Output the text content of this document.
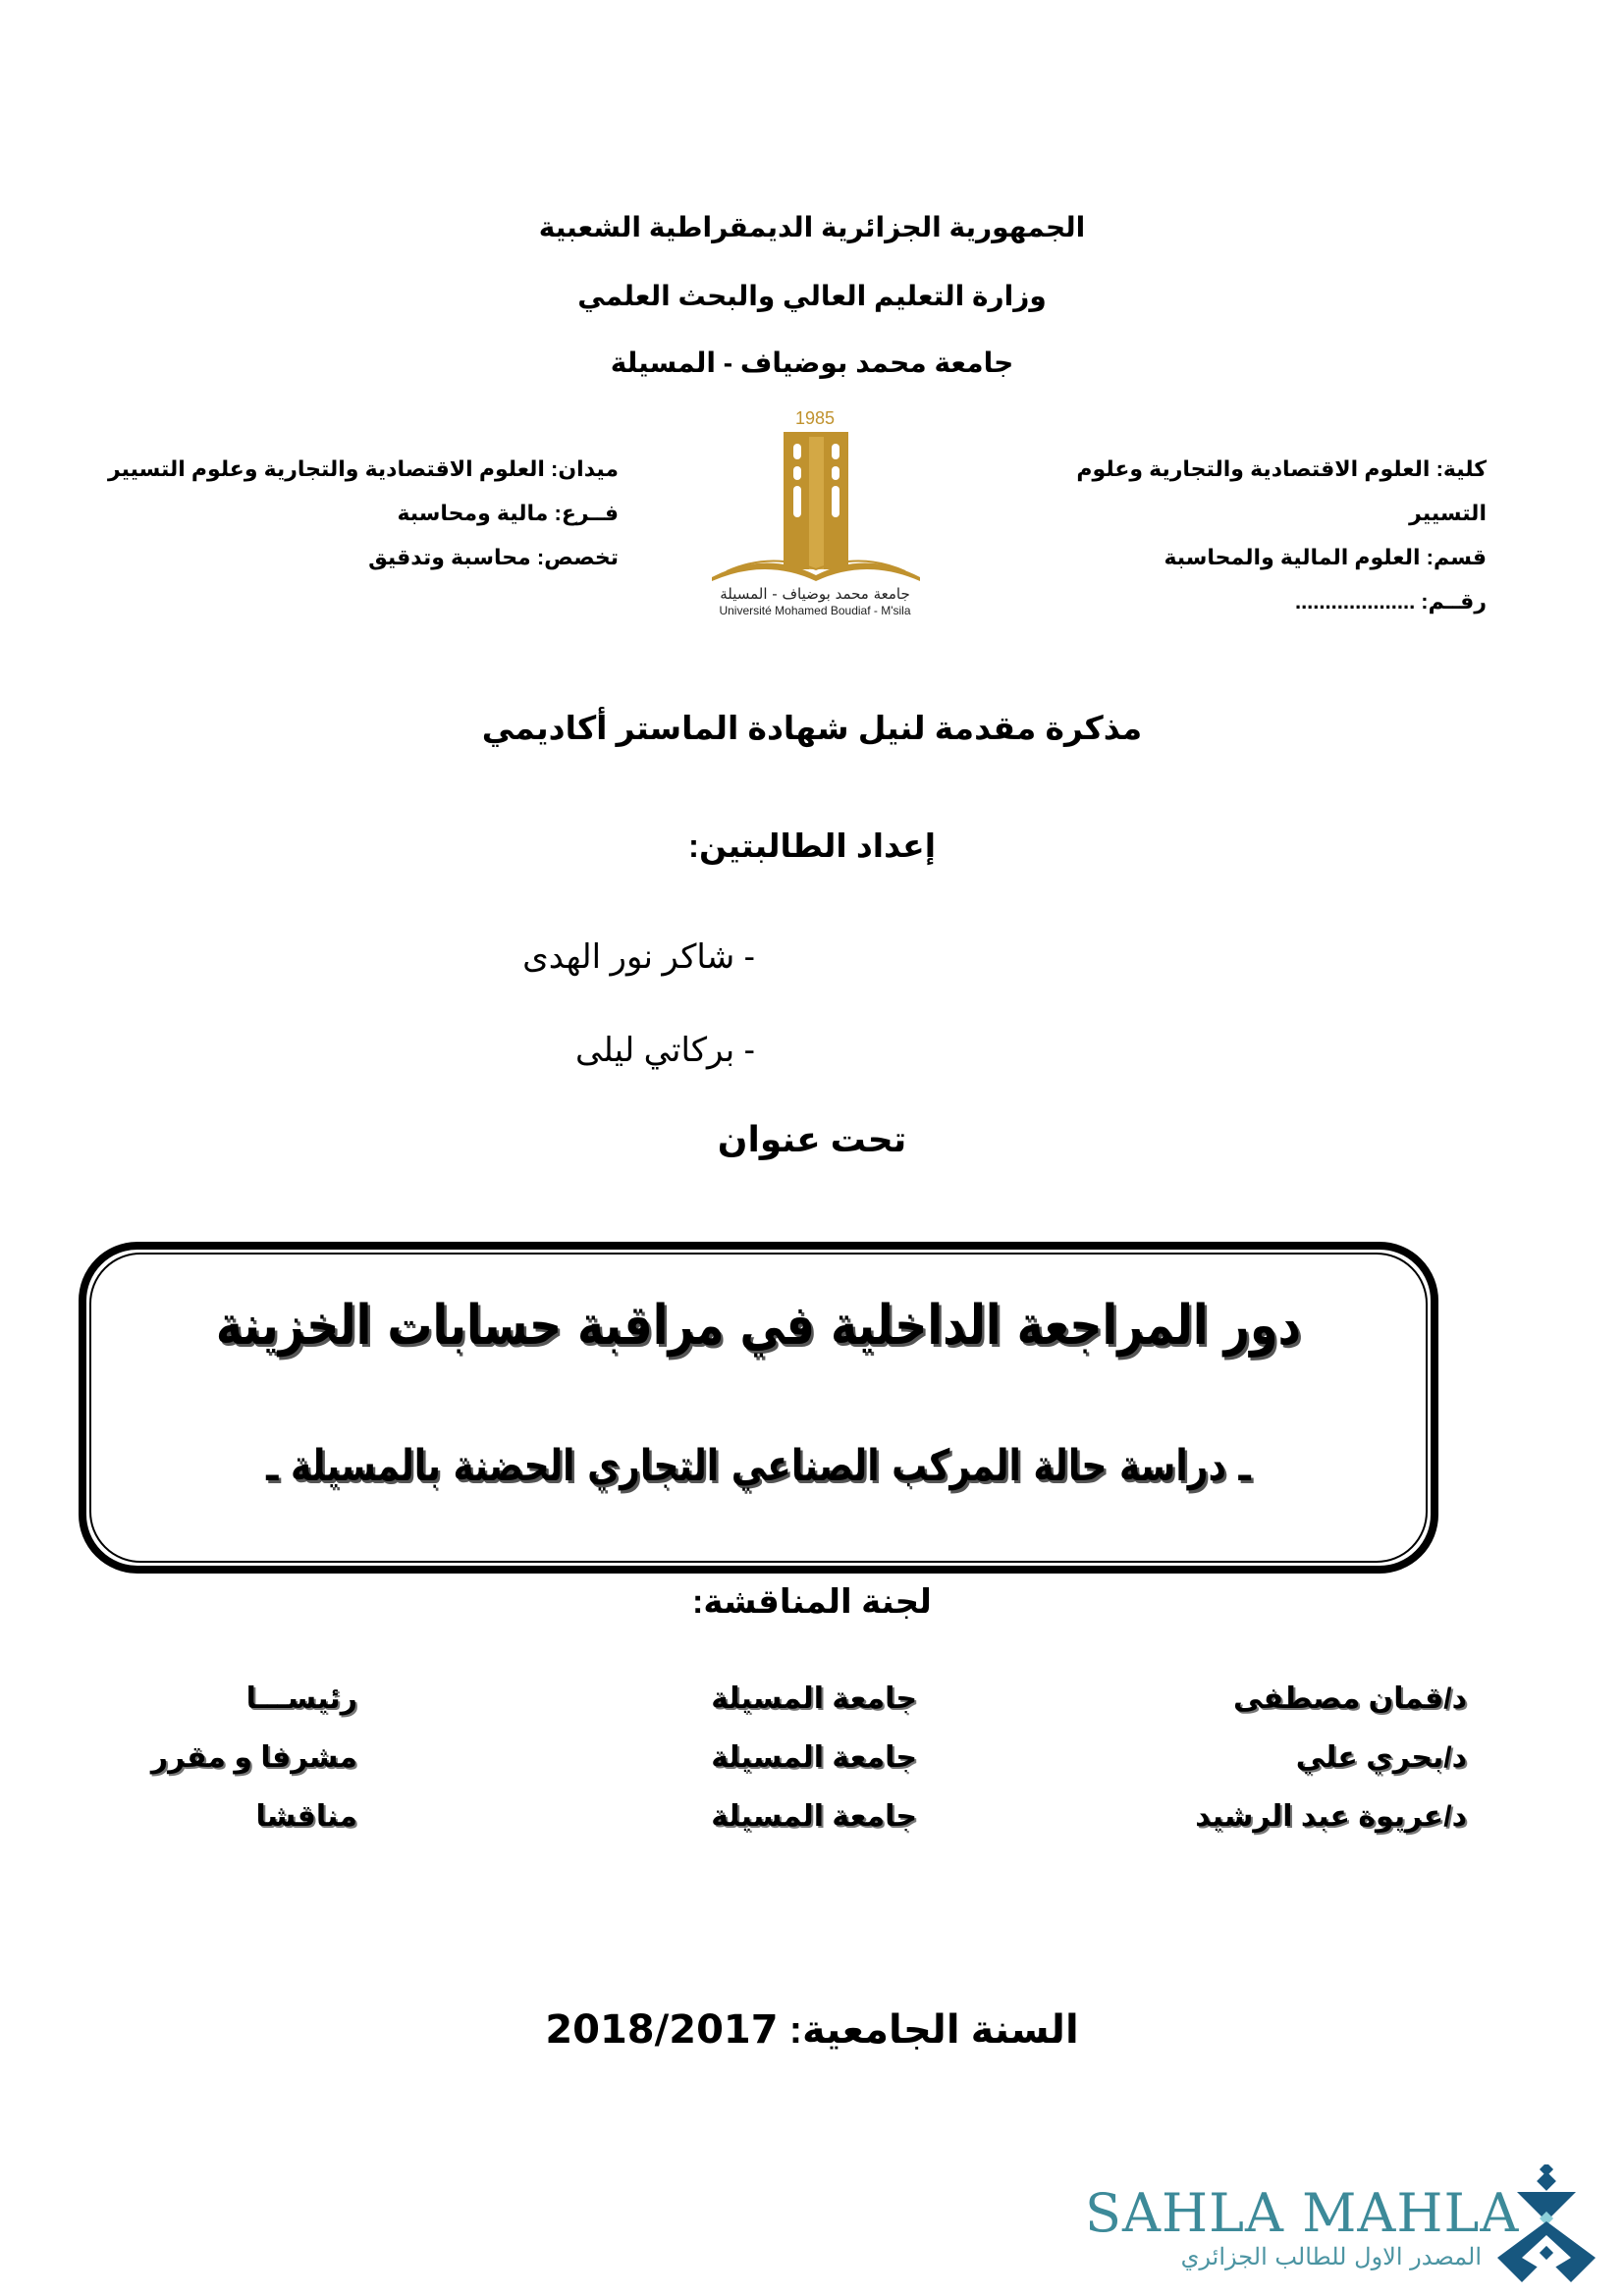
الجمهورية الجزائرية الديمقراطية الشعبية
وزارة التعليم العالي والبحث العلمي
جامعة محمد بوضياف - المسيلة
كلية: العلوم الاقتصادية والتجارية وعلوم
التسيير
قسم: العلوم المالية والمحاسبة
رقــم: ....................
1985
جامعة محمد بوضياف - المسيلة
Université Mohamed Boudiaf - M'sila
ميدان: العلوم الاقتصادية والتجارية وعلوم التسيير
فــرع: مالية ومحاسبة
تخصص: محاسبة وتدقيق
مذكرة مقدمة لنيل شهادة الماستر أكاديمي
إعداد الطالبتين:
- شاكر نور الهدى
- بركاتي ليلى
تحت عنوان
دور المراجعة الداخلية في مراقبة حسابات الخزينة
ـ دراسة حالة المركب الصناعي التجاري الحضنة بالمسيلة ـ
لجنة المناقشة:
د/قمان مصطفى
جامعة المسيلة
رئيســـا
د/بحري علي
جامعة المسيلة
مشرفا و مقرر
د/عريوة عبد الرشيد
جامعة المسيلة
مناقشا
السنة الجامعية: 2018/2017
SAHLA MAHLA
المصدر الاول للطالب الجزائري
